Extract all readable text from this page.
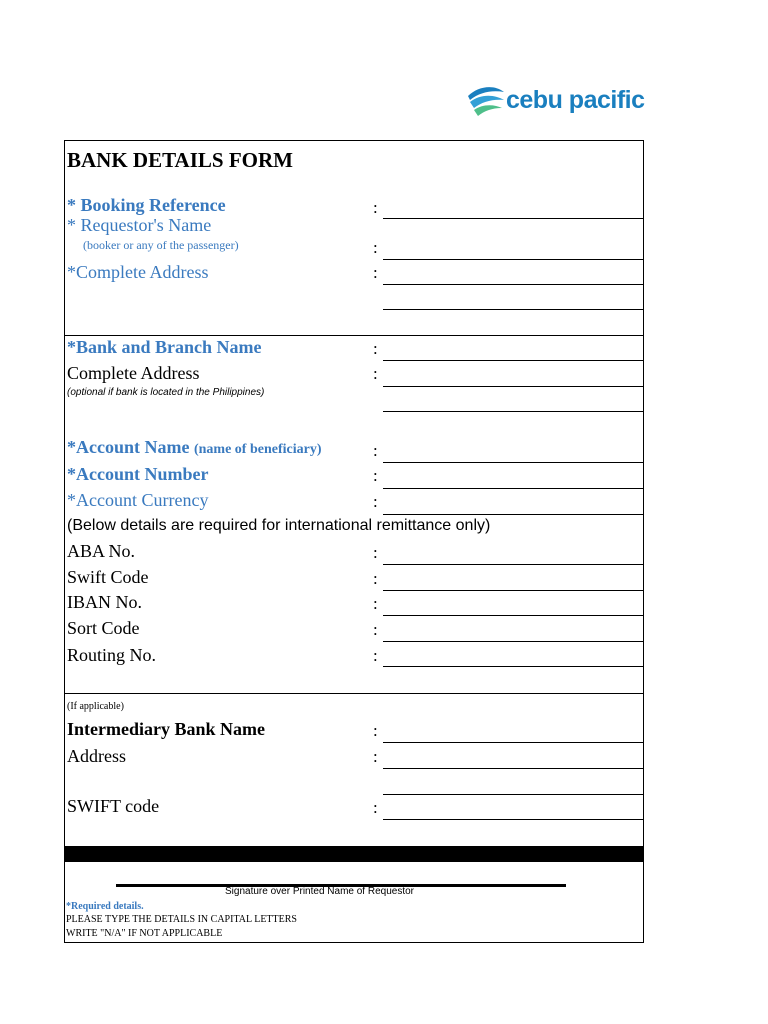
cebu pacific
BANK DETAILS FORM
* Booking Reference	:
* Requestor's Name
(booker or any of the passenger)	:
*Complete Address	:
*Bank and Branch Name	:
Complete Address	:
(optional if bank is located in the Philippines)
*Account Name (name of beneficiary)	:
*Account Number	:
*Account Currency	:
(Below details are required for international remittance only)
ABA No.	:
Swift Code	:
IBAN No.	:
Sort Code	:
Routing No.	:
(If applicable)
Intermediary Bank Name	:
Address	:
SWIFT code	:
Signature over Printed Name of Requestor
*Required details.
PLEASE TYPE THE DETAILS IN CAPITAL LETTERS
WRITE "N/A" IF NOT APPLICABLE
